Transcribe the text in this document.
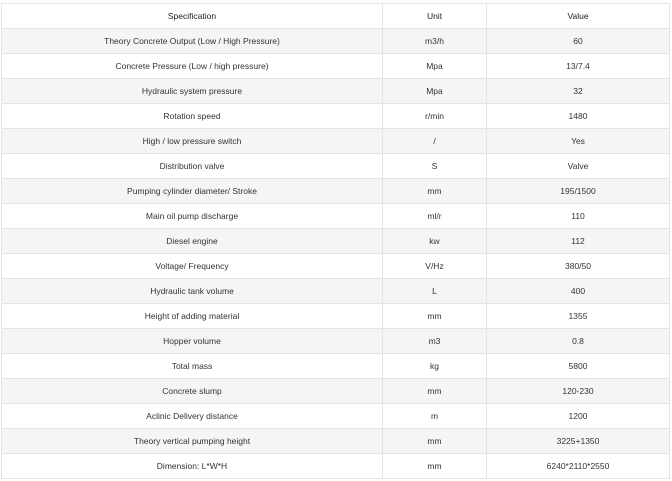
Specification	Unit	Value
Theory Concrete Output (Low / High Pressure)	m3/h	60
Concrete Pressure (Low / high pressure)	Mpa	13/7.4
Hydraulic system pressure	Mpa	32
Rotation speed	r/min	1480
High / low pressure switch	/	Yes
Distribution valve	S	Valve
Pumping cylinder diameter/ Stroke	mm	195/1500
Main oil pump discharge	ml/r	110
Diesel engine	kw	112
Voltage/ Frequency	V/Hz	380/50
Hydraulic tank volume	L	400
Height of adding material	mm	1355
Hopper volume	m3	0.8
Total mass	kg	5800
Concrete slump	mm	120-230
Aclinic Delivery distance	m	1200
Theory vertical pumping height	mm	3225+1350
Dimension: L*W*H	mm	6240*2110*2550
